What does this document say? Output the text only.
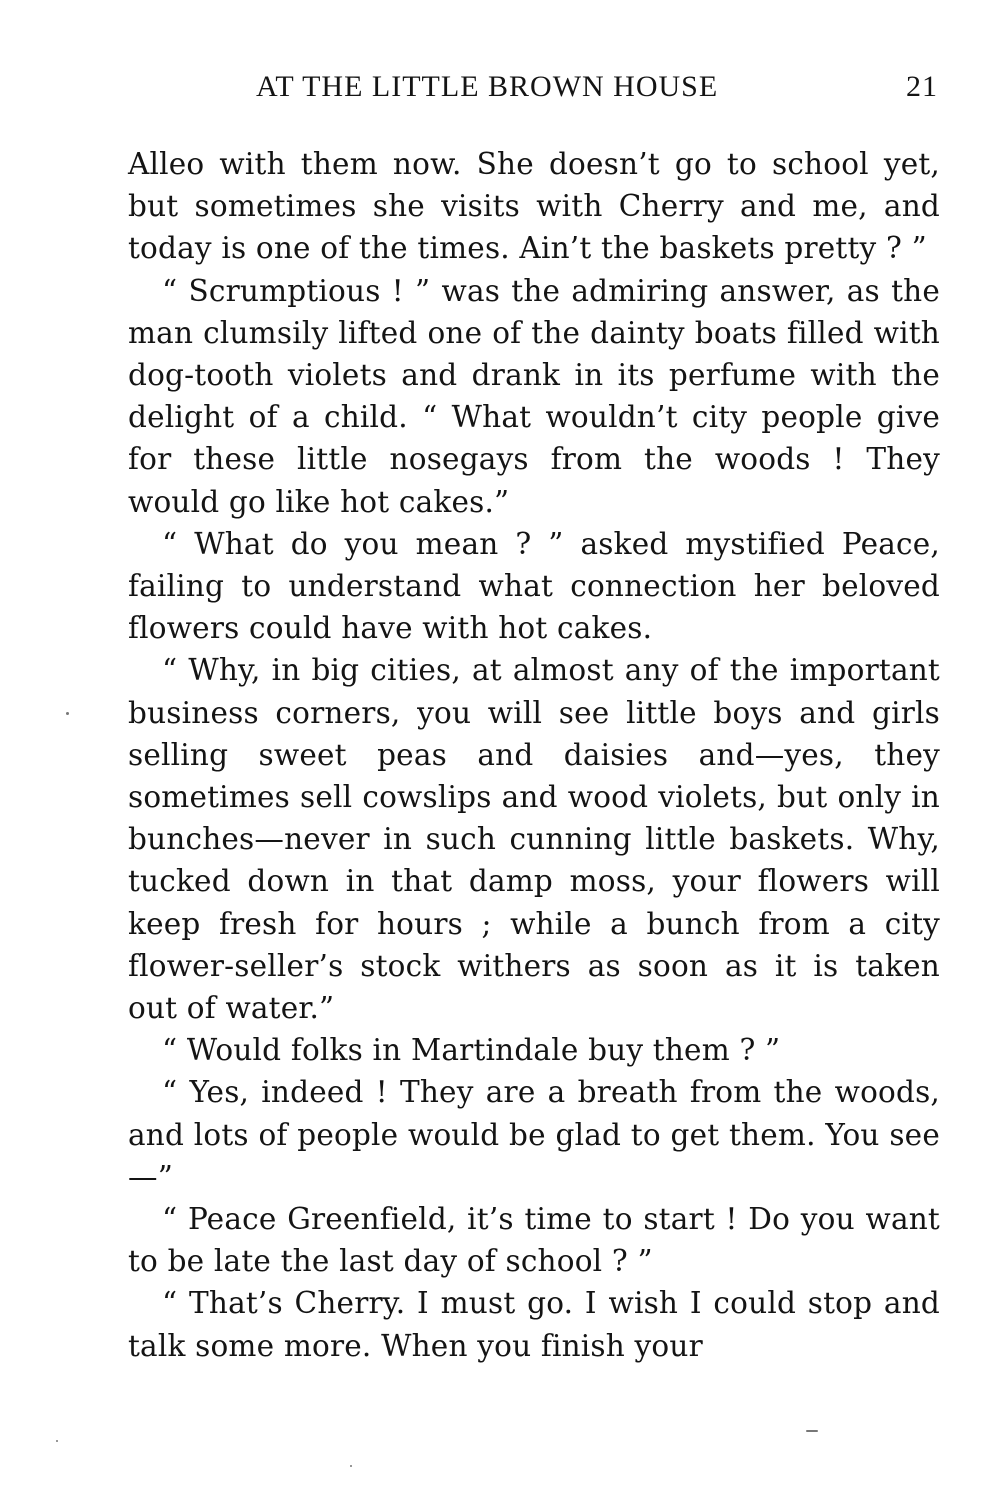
AT THE LITTLE BROWN HOUSE	21

Alleo with them now. She doesn’t go to school yet, but sometimes she visits with Cherry and me, and today is one of the times. Ain’t the baskets pretty ? ”

“ Scrumptious ! ” was the admiring answer, as the man clumsily lifted one of the dainty boats filled with dog-tooth violets and drank in its perfume with the delight of a child. “ What wouldn’t city people give for these little nosegays from the woods ! They would go like hot cakes.”

“ What do you mean ? ” asked mystified Peace, failing to understand what connection her beloved flowers could have with hot cakes.

“ Why, in big cities, at almost any of the important business corners, you will see little boys and girls selling sweet peas and daisies and—yes, they sometimes sell cowslips and wood violets, but only in bunches—never in such cunning little baskets. Why, tucked down in that damp moss, your flowers will keep fresh for hours ; while a bunch from a city flower-seller’s stock withers as soon as it is taken out of water.”

“ Would folks in Martindale buy them ? ”

“ Yes, indeed ! They are a breath from the woods, and lots of people would be glad to get them. You see—”

“ Peace Greenfield, it’s time to start ! Do you want to be late the last day of school ? ”

“ That’s Cherry. I must go. I wish I could stop and talk some more. When you finish your
